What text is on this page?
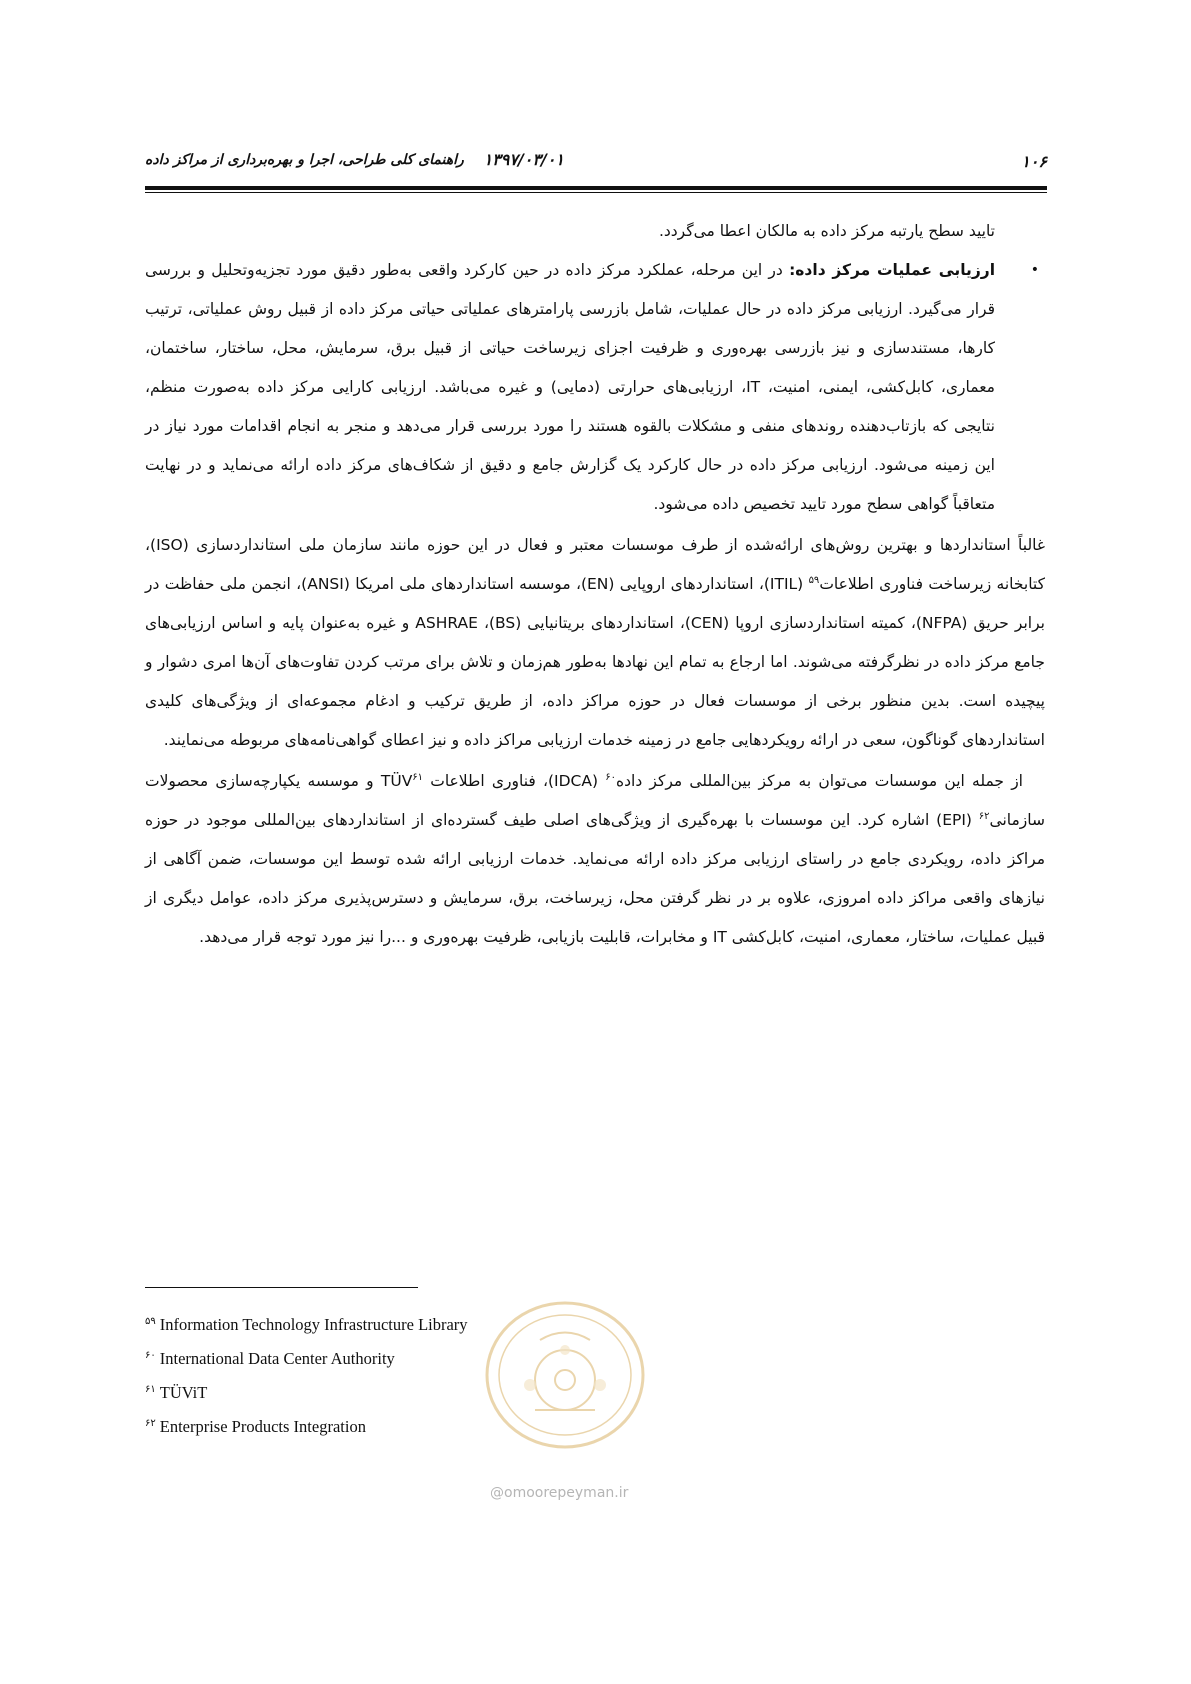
۱۰۶
۱۳۹۷/۰۳/۰۱
راهنمای کلی طراحی، اجرا و بهره‌برداری از مراکز داده

تایید سطح یارتبه مرکز داده به مالکان اعطا می‌گردد.

•
ارزیابی عملیات مرکز داده: در این مرحله، عملکرد مرکز داده در حین کارکرد واقعی به‌طور دقیق مورد تجزیه‌وتحلیل و بررسی قرار می‌گیرد. ارزیابی مرکز داده در حال عملیات، شامل بازرسی پارامترهای عملیاتی حیاتی مرکز داده از قبیل روش عملیاتی، ترتیب کارها، مستندسازی و نیز بازرسی بهره‌وری و ظرفیت اجزای زیرساخت حیاتی از قبیل برق، سرمایش، محل، ساختار، ساختمان، معماری، کابل‌کشی، ایمنی، امنیت، IT، ارزیابی‌های حرارتی (دمایی) و غیره می‌باشد. ارزیابی کارایی مرکز داده به‌صورت منظم، نتایجی که بازتاب‌دهنده روندهای منفی و مشکلات بالقوه هستند را مورد بررسی قرار می‌دهد و منجر به انجام اقدامات مورد نیاز در این زمینه می‌شود. ارزیابی مرکز داده در حال کارکرد یک گزارش جامع و دقیق از شکاف‌های مرکز داده ارائه می‌نماید و در نهایت متعاقباً گواهی سطح مورد تایید تخصیص داده می‌شود.

غالباً استانداردها و بهترین روش‌های ارائه‌شده از طرف موسسات معتبر و فعال در این حوزه مانند سازمان ملی استانداردسازی (ISO)، کتابخانه زیرساخت فناوری اطلاعات$^{۵۹}$ (ITIL)، استانداردهای اروپایی (EN)، موسسه استانداردهای ملی امریکا (ANSI)، انجمن ملی حفاظت در برابر حریق (NFPA)، کمیته استانداردسازی اروپا (CEN)، استانداردهای بریتانیایی (BS)، ASHRAE و غیره به‌عنوان پایه و اساس ارزیابی‌های جامع مرکز داده در نظرگرفته می‌شوند. اما ارجاع به تمام این نهادها به‌طور هم‌زمان و تلاش برای مرتب کردن تفاوت‌های آن‌ها امری دشوار و پیچیده است. بدین منظور برخی از موسسات فعال در حوزه مراکز داده، از طریق ترکیب و ادغام مجموعه‌ای از ویژگی‌های کلیدی استانداردهای گوناگون، سعی در ارائه رویکردهایی جامع در زمینه خدمات ارزیابی مراکز داده و نیز اعطای گواهی‌نامه‌های مربوطه می‌نمایند.

از جمله این موسسات می‌توان به مرکز بین‌المللی مرکز داده$^{۶۰}$ (IDCA)، فناوری اطلاعات TÜV$^{۶۱}$ و موسسه یکپارچه‌سازی محصولات سازمانی$^{۶۲}$ (EPI) اشاره کرد. این موسسات با بهره‌گیری از ویژگی‌های اصلی طیف گسترده‌ای از استانداردهای بین‌المللی موجود در حوزه مراکز داده، رویکردی جامع در راستای ارزیابی مرکز داده ارائه می‌نماید. خدمات ارزیابی ارائه شده توسط این موسسات، ضمن آگاهی از نیازهای واقعی مراکز داده امروزی، علاوه بر در نظر گرفتن محل، زیرساخت، برق، سرمایش و دسترس‌پذیری مرکز داده، عوامل دیگری از قبیل عملیات، ساختار، معماری، امنیت، کابل‌کشی IT و مخابرات، قابلیت بازیابی، ظرفیت بهره‌وری و ...را نیز مورد توجه قرار می‌دهد.

$^{۵۹}$ Information Technology Infrastructure Library
$^{۶۰}$ International Data Center Authority
$^{۶۱}$ TÜViT
$^{۶۲}$ Enterprise Products Integration
@omoorepeyman.ir
